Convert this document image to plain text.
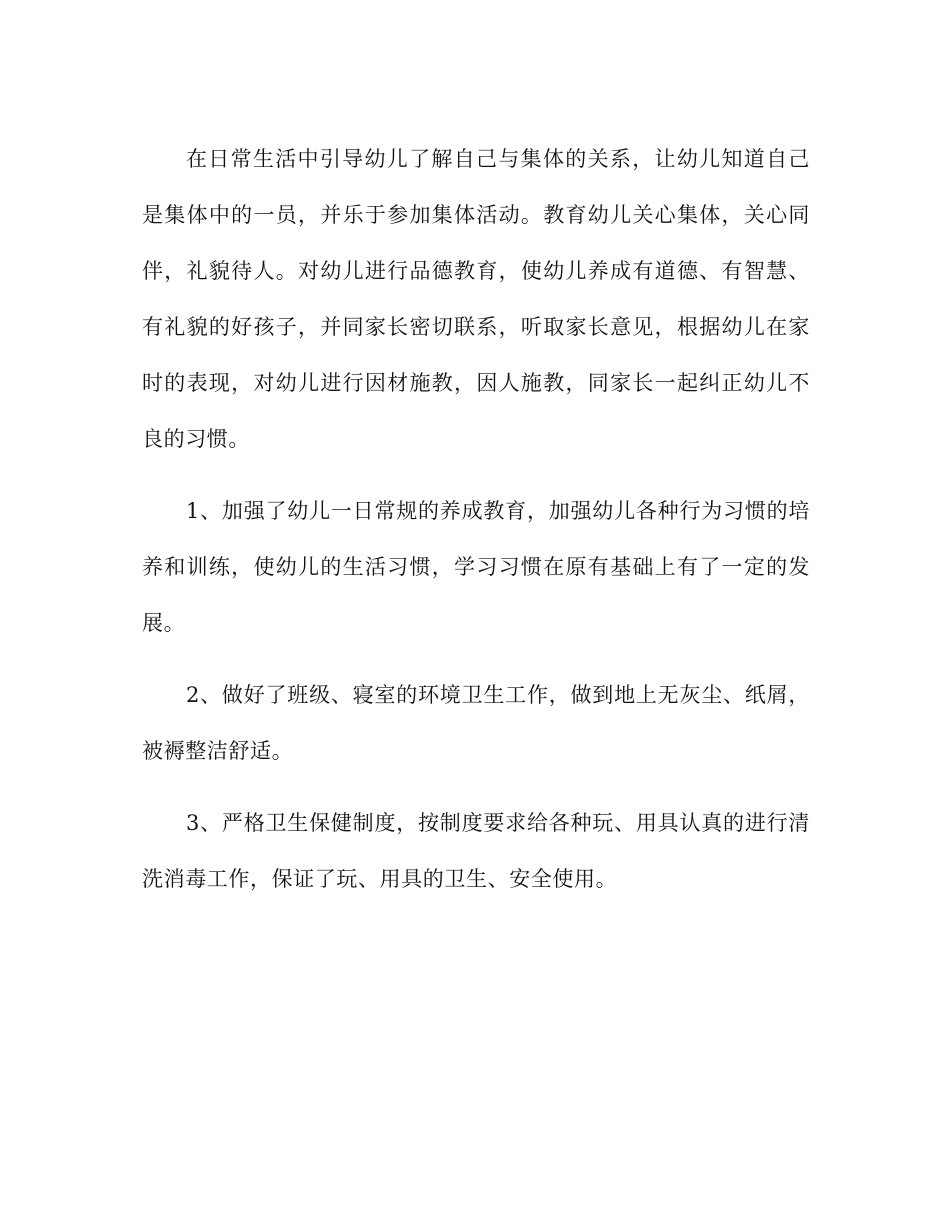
在日常生活中引导幼儿了解自己与集体的关系，让幼儿知道自己是集体中的一员，并乐于参加集体活动。教育幼儿关心集体，关心同伴，礼貌待人。对幼儿进行品德教育，使幼儿养成有道德、有智慧、有礼貌的好孩子，并同家长密切联系，听取家长意见，根据幼儿在家时的表现，对幼儿进行因材施教，因人施教，同家长一起纠正幼儿不良的习惯。

1、加强了幼儿一日常规的养成教育，加强幼儿各种行为习惯的培养和训练，使幼儿的生活习惯，学习习惯在原有基础上有了一定的发展。

2、做好了班级、寝室的环境卫生工作，做到地上无灰尘、纸屑，被褥整洁舒适。

3、严格卫生保健制度，按制度要求给各种玩、用具认真的进行清洗消毒工作，保证了玩、用具的卫生、安全使用。
